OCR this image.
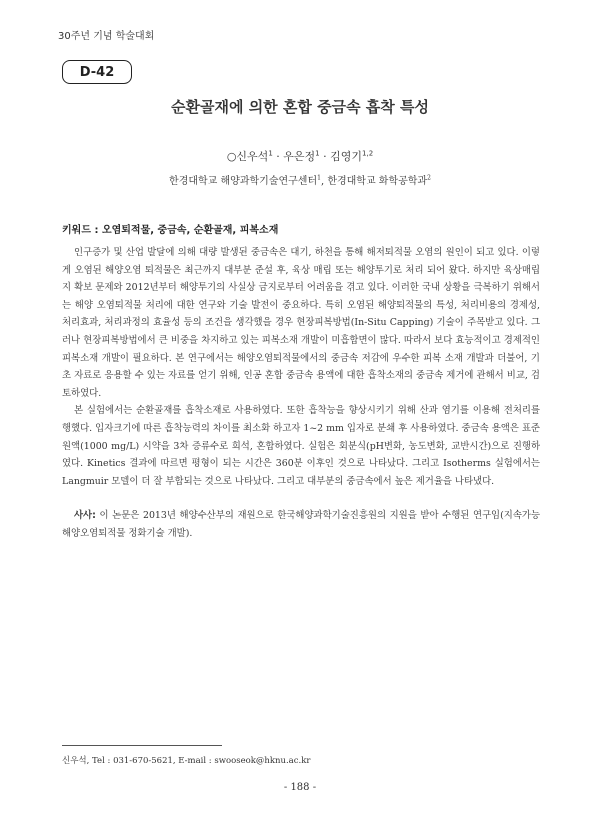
30주년 기념 학술대회
D-42
순환골재에 의한 혼합 중금속 흡착 특성
○신우석$^1$ · 우은정$^1$ · 김영기$^{1,2}$
한경대학교 해양과학기술연구센터$^1$, 한경대학교 화학공학과$^2$
키워드 : 오염퇴적물, 중금속, 순환골재, 피복소재

인구증가 및 산업 발달에 의해 대량 발생된 중금속은 대기, 하천을 통해 해저퇴적물 오염의 원인이 되고 있다. 이렇게 오염된 해양오염 퇴적물은 최근까지 대부분 준설 후, 육상 매립 또는 해양투기로 처리 되어 왔다. 하지만 육상매립지 확보 문제와 2012년부터 해양투기의 사실상 금지로부터 어려움을 겪고 있다. 이러한 국내 상황을 극복하기 위해서는 해양 오염퇴적물 처리에 대한 연구와 기술 발전이 중요하다. 특히 오염된 해양퇴적물의 특성, 처리비용의 경제성, 처리효과, 처리과정의 효율성 등의 조건을 생각했을 경우 현장피복방법(In-Situ Capping) 기술이 주목받고 있다. 그러나 현장피복방법에서 큰 비중을 차지하고 있는 피복소재 개발이 미흡합면이 많다. 따라서 보다 효능적이고 경제적인 피복소재 개발이 필요하다. 본 연구에서는 해양오염퇴적물에서의 중금속 저감에 우수한 피복 소재 개발과 더불어, 기초 자료로 응용할 수 있는 자료를 얻기 위해, 인공 혼합 중금속 용액에 대한 흡착소재의 중금속 제거에 관해서 비교, 검토하였다.

본 실험에서는 순환골재를 흡착소재로 사용하였다. 또한 흡착능을 향상시키기 위해 산과 염기를 이용해 전처리를 행했다. 입자크기에 따른 흡착능력의 차이를 최소화 하고자 1~2 mm 입자로 분쇄 후 사용하였다. 중금속 용액은 표준원액(1000 mg/L) 시약을 3차 증류수로 희석, 혼합하였다. 실험은 회분식(pH변화, 농도변화, 교반시간)으로 진행하였다. Kinetics 결과에 따르면 평형이 되는 시간은 360분 이후인 것으로 나타났다. 그리고 Isotherms 실험에서는 Langmuir 모델이 더 잘 부합되는 것으로 나타났다. 그리고 대부분의 중금속에서 높은 제거율을 나타냈다.

사사: 이 논문은 2013년 해양수산부의 재원으로 한국해양과학기술진흥원의 지원을 받아 수행된 연구임(지속가능 해양오염퇴적물 정화기술 개발).
신우석, Tel : 031-670-5621, E-mail : swooseok@hknu.ac.kr
- 188 -
